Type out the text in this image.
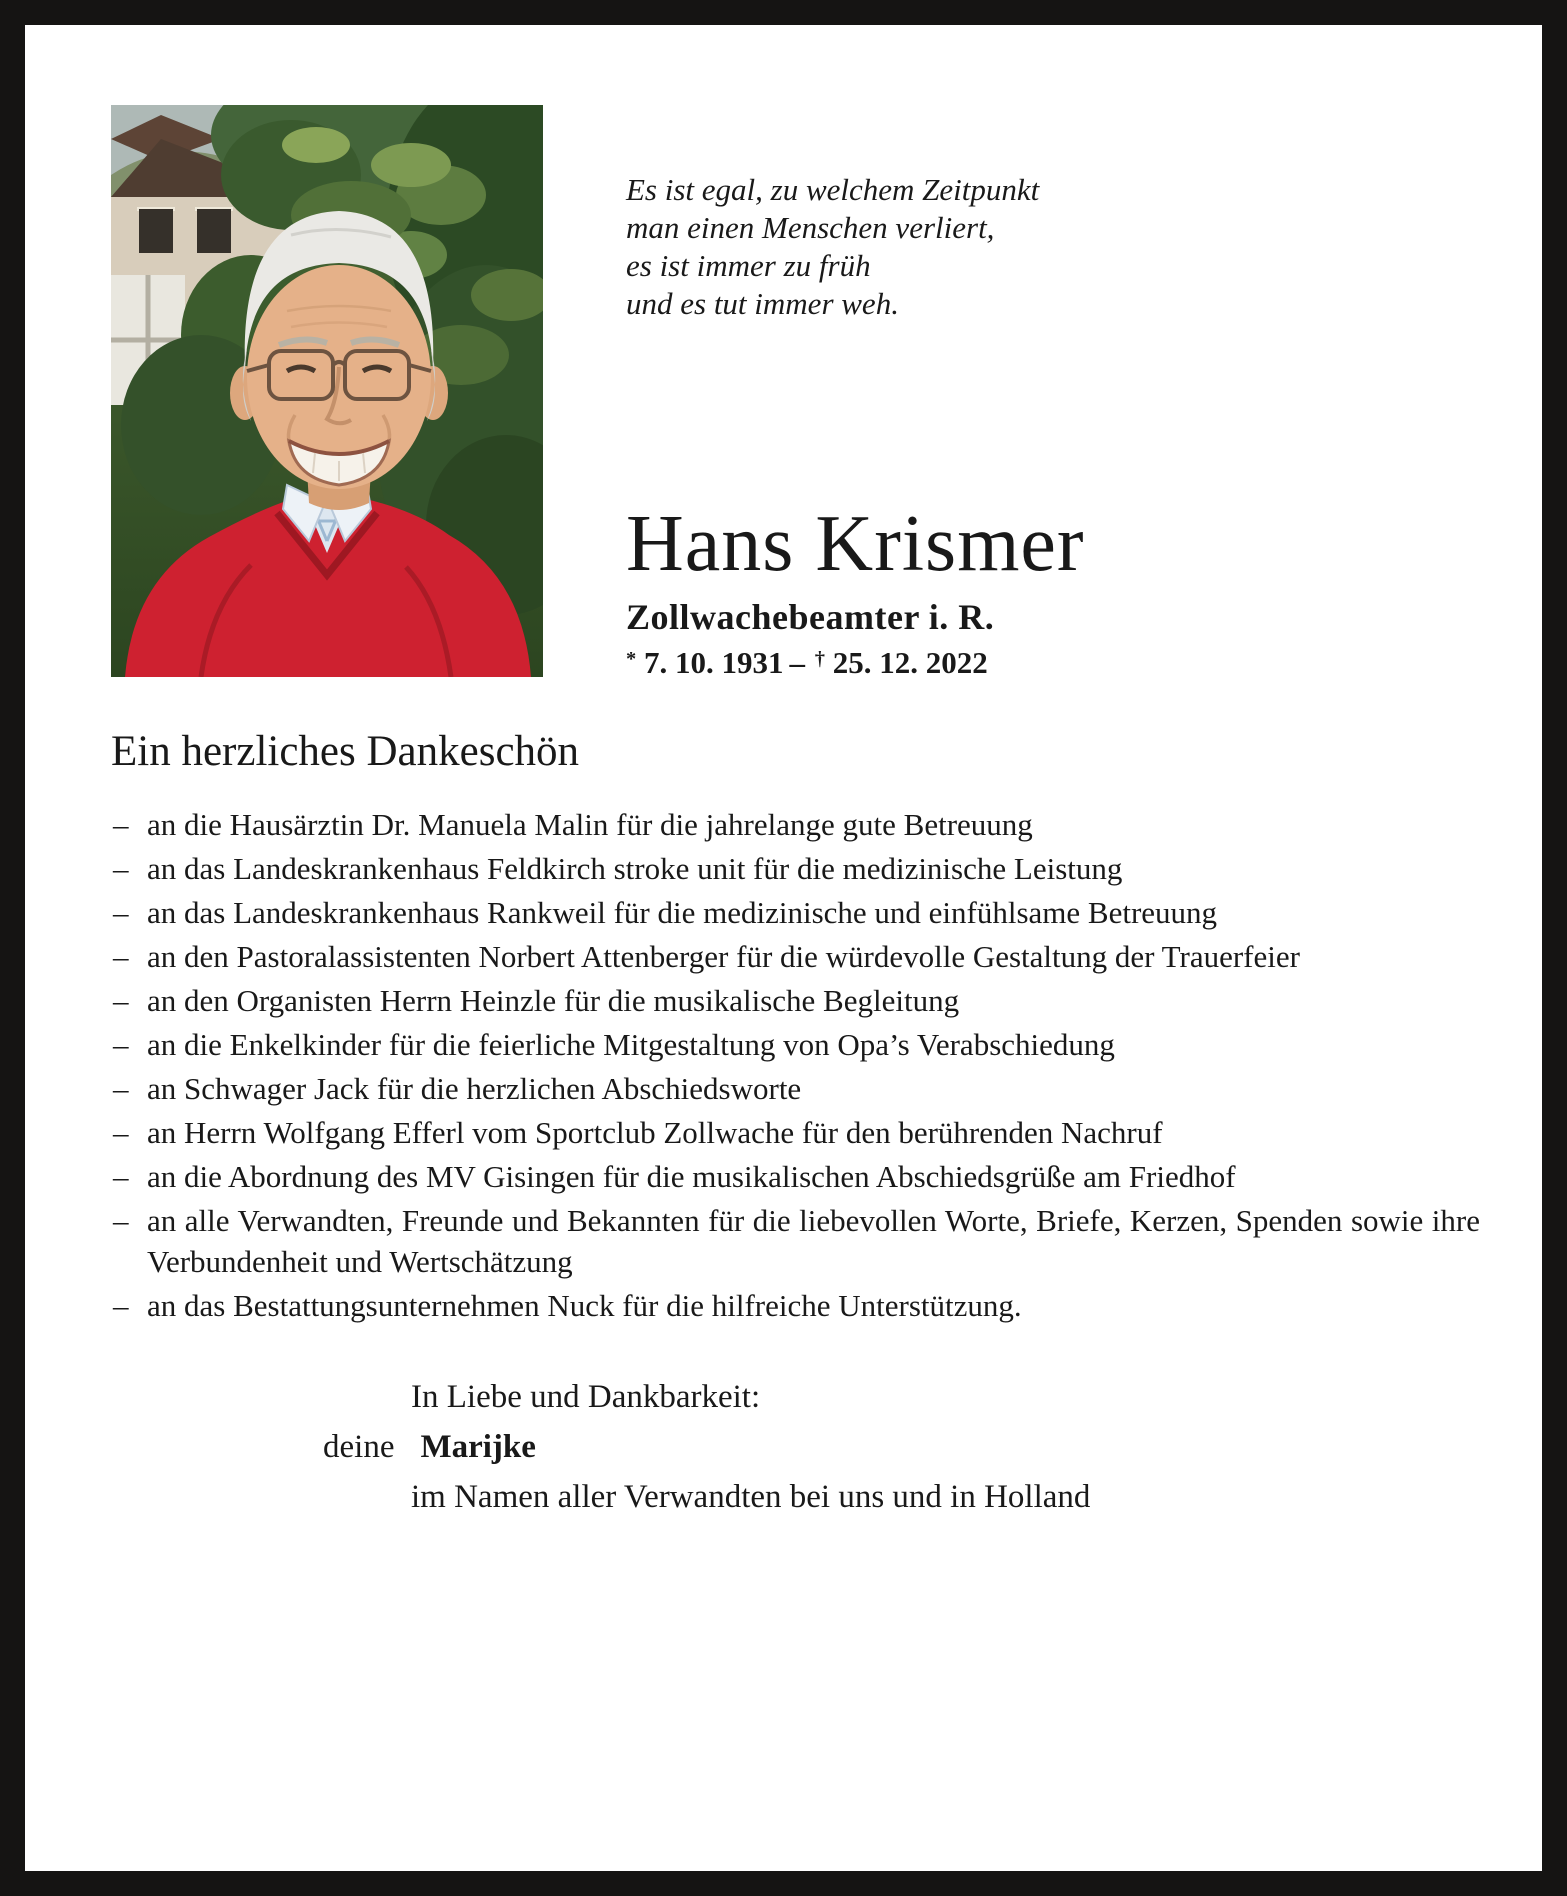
Es ist egal, zu welchem Zeitpunkt
man einen Menschen verliert,
es ist immer zu früh
und es tut immer weh.
Hans Krismer
Zollwachebeamter i. R.
* 7. 10. 1931 – † 25. 12. 2022
Ein herzliches Dankeschön
– an die Hausärztin Dr. Manuela Malin für die jahrelange gute Betreuung
– an das Landeskrankenhaus Feldkirch stroke unit für die medizinische Leistung
– an das Landeskrankenhaus Rankweil für die medizinische und einfühlsame Betreuung
– an den Pastoralassistenten Norbert Attenberger für die würdevolle Gestaltung der Trauerfeier
– an den Organisten Herrn Heinzle für die musikalische Begleitung
– an die Enkelkinder für die feierliche Mitgestaltung von Opa’s Verabschiedung
– an Schwager Jack für die herzlichen Abschiedsworte
– an Herrn Wolfgang Efferl vom Sportclub Zollwache für den berührenden Nachruf
– an die Abordnung des MV Gisingen für die musikalischen Abschiedsgrüße am Friedhof
– an alle Verwandten, Freunde und Bekannten für die liebevollen Worte, Briefe, Kerzen, Spenden sowie ihre Verbundenheit und Wertschätzung
– an das Bestattungsunternehmen Nuck für die hilfreiche Unterstützung.
In Liebe und Dankbarkeit:
deine Marijke
im Namen aller Verwandten bei uns und in Holland
